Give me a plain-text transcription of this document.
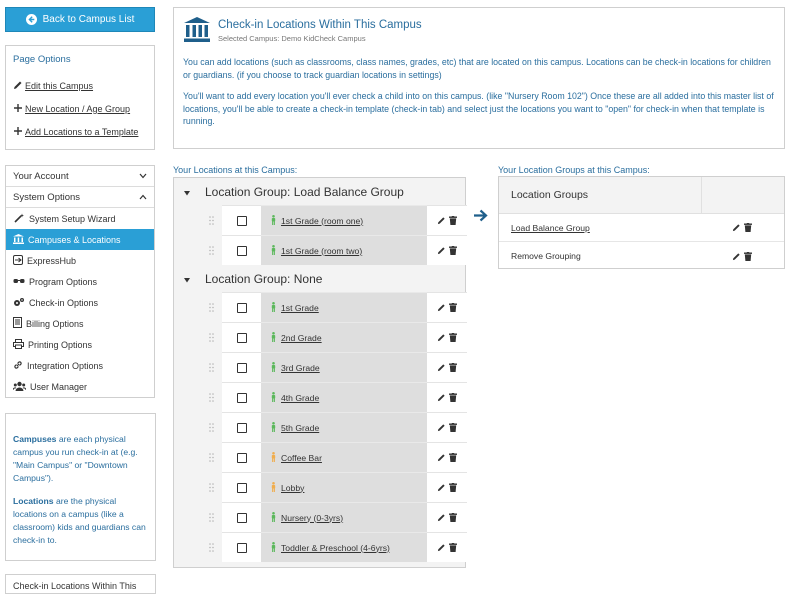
Back to Campus List
Page Options
Edit this Campus
New Location / Age Group
Add Locations to a Template
Your Account
System Options
System Setup Wizard
Campuses & Locations
ExpressHub
Program Options
Check-in Options
Billing Options
Printing Options
Integration Options
User Manager

Campuses are each physical campus you run check-in at (e.g. "Main Campus" or "Downtown Campus").

Locations are the physical locations on a campus (like a classroom) kids and guardians can check-in to.

Check-in Locations Within This
Check-in Locations Within This Campus
Selected Campus: Demo KidCheck Campus

You can add locations (such as classrooms, class names, grades, etc) that are located on this campus. Locations can be check-in locations for children or guardians. (if you choose to track guardian locations in settings)

You'll want to add every location you'll ever check a child into on this campus. (like "Nursery Room 102") Once these are all added into this master list of locations, you'll be able to create a check-in template (check-in tab) and select just the locations you want to "open" for check-in when that template is running.

Your Locations at this Campus:	Your Location Groups at this Campus:
Location Group: Load Balance Group
1st Grade (room one)
1st Grade (room two)
Location Group: None
1st Grade
2nd Grade
3rd Grade
4th Grade
5th Grade
Coffee Bar
Lobby
Nursery (0-3yrs)
Toddler & Preschool (4-6yrs)
Location Groups
Load Balance Group
Remove Grouping
